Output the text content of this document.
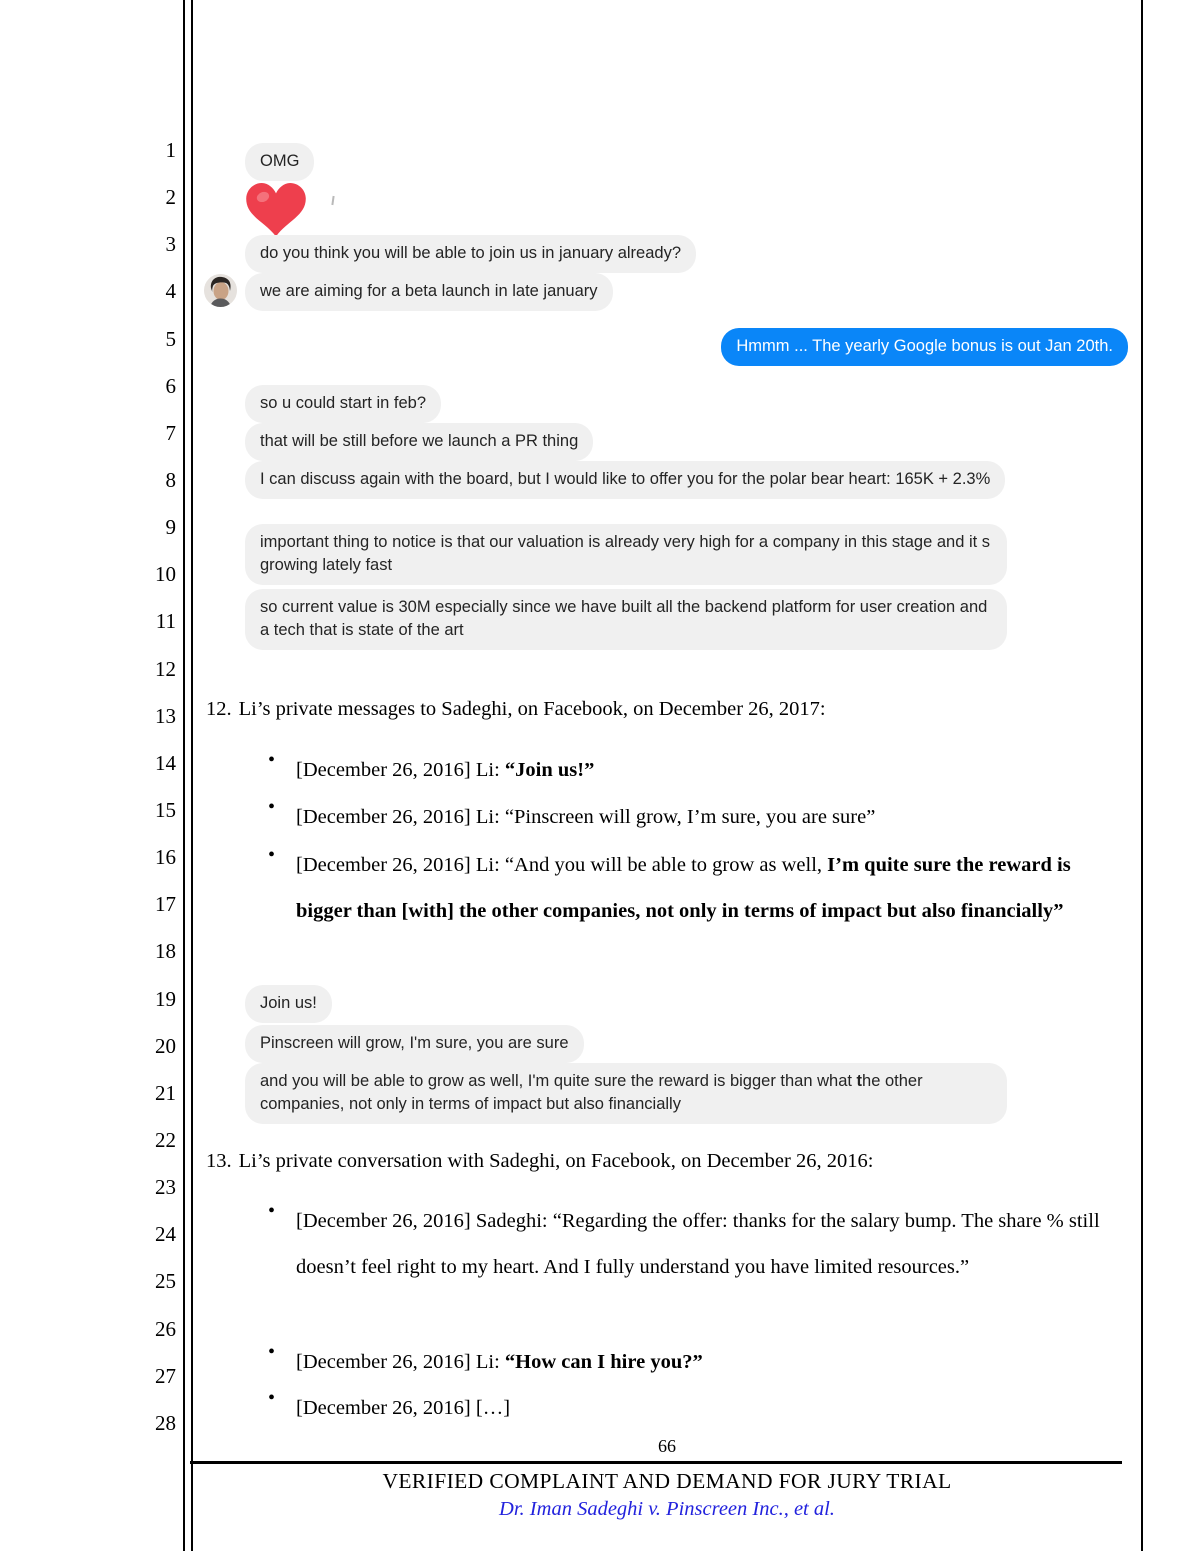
1
2
3
4
5
6
7
8
9
10
11
12
13
14
15
16
17
18
19
20
21
22
23
24
25
26
27
28
OMG
do you think you will be able to join us in january already?
we are aiming for a beta launch in late january
Hmmm ... The yearly Google bonus is out Jan 20th.
so u could start in feb?
that will be still before we launch a PR thing
I can discuss again with the board, but I would like to offer you for the polar bear heart: 165K + 2.3%
important thing to notice is that our valuation is already very high for a company in this stage and it s growing lately fast
so current value is 30M especially since we have built all the backend platform for user creation and a tech that is state of the art
12. Li’s private messages to Sadeghi, on Facebook, on December 26, 2017:
• [December 26, 2016] Li: “Join us!”
• [December 26, 2016] Li: “Pinscreen will grow, I’m sure, you are sure”
• [December 26, 2016] Li: “And you will be able to grow as well, I’m quite sure the reward is bigger than [with] the other companies, not only in terms of impact but also financially”
Join us!
Pinscreen will grow, I'm sure, you are sure
and you will be able to grow as well, I'm quite sure the reward is bigger than what the other companies, not only in terms of impact but also financially
13. Li’s private conversation with Sadeghi, on Facebook, on December 26, 2016:
• [December 26, 2016] Sadeghi: “Regarding the offer: thanks for the salary bump. The share % still doesn’t feel right to my heart. And I fully understand you have limited resources.”
• [December 26, 2016] Li: “How can I hire you?”
• [December 26, 2016] […]
66
VERIFIED COMPLAINT AND DEMAND FOR JURY TRIAL
Dr. Iman Sadeghi v. Pinscreen Inc., et al.
